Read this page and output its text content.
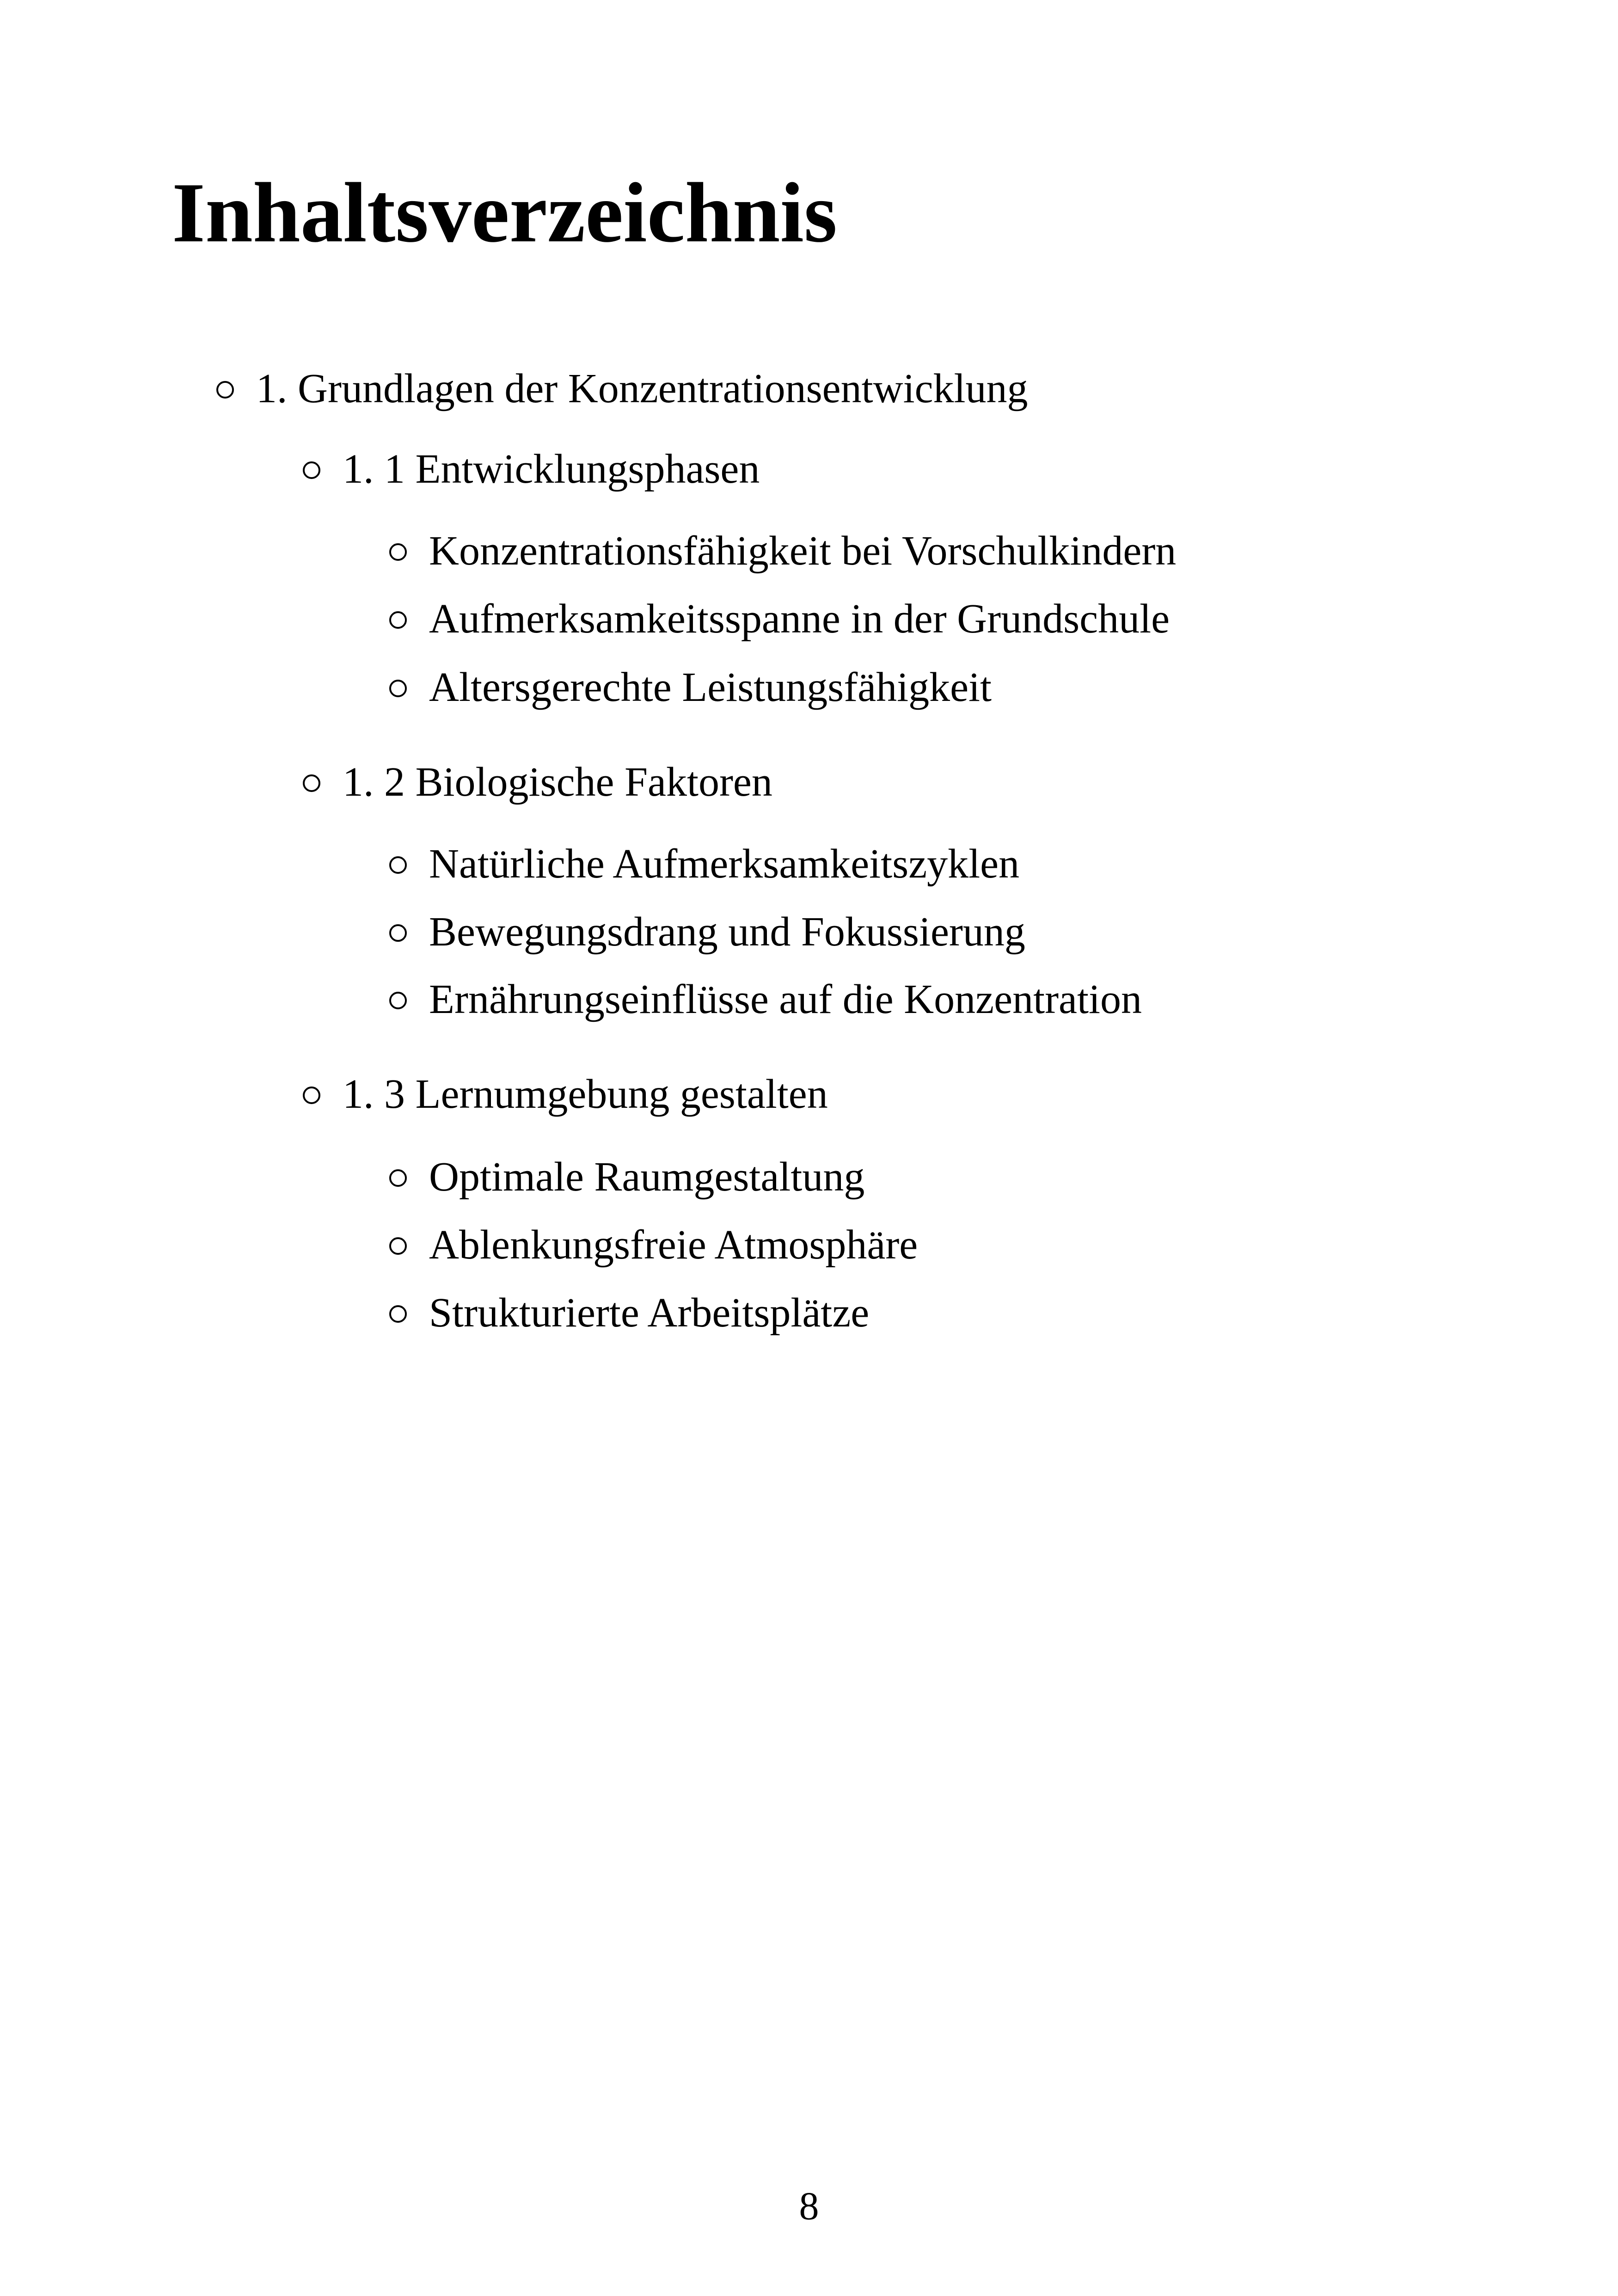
Inhaltsverzeichnis
1. Grundlagen der Konzentrationsentwicklung
1. 1 Entwicklungsphasen
Konzentrationsfähigkeit bei Vorschulkindern
Aufmerksamkeitsspanne in der Grundschule
Altersgerechte Leistungsfähigkeit
1. 2 Biologische Faktoren
Natürliche Aufmerksamkeitszyklen
Bewegungsdrang und Fokussierung
Ernährungseinflüsse auf die Konzentration
1. 3 Lernumgebung gestalten
Optimale Raumgestaltung
Ablenkungsfreie Atmosphäre
Strukturierte Arbeitsplätze
8
